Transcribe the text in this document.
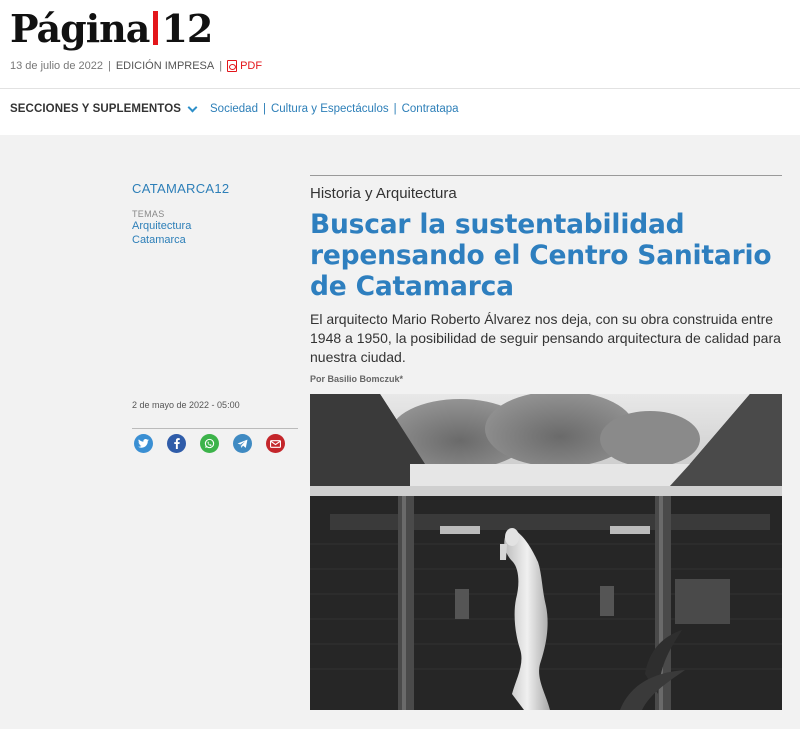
Página 12
13 de julio de 2022 | EDICIÓN IMPRESA | PDF
SECCIONES Y SUPLEMENTOS	Sociedad | Cultura y Espectáculos | Contratapa
CATAMARCA12
TEMAS
Arquitectura
Catamarca
2 de mayo de 2022 - 05:00
Historia y Arquitectura
Buscar la sustentabilidad repensando el Centro Sanitario de Catamarca

El arquitecto Mario Roberto Álvarez nos deja, con su obra construida entre 1948 a 1950, la posibilidad de seguir pensando arquitectura de calidad para nuestra ciudad.

Por Basilio Bomczuk*
